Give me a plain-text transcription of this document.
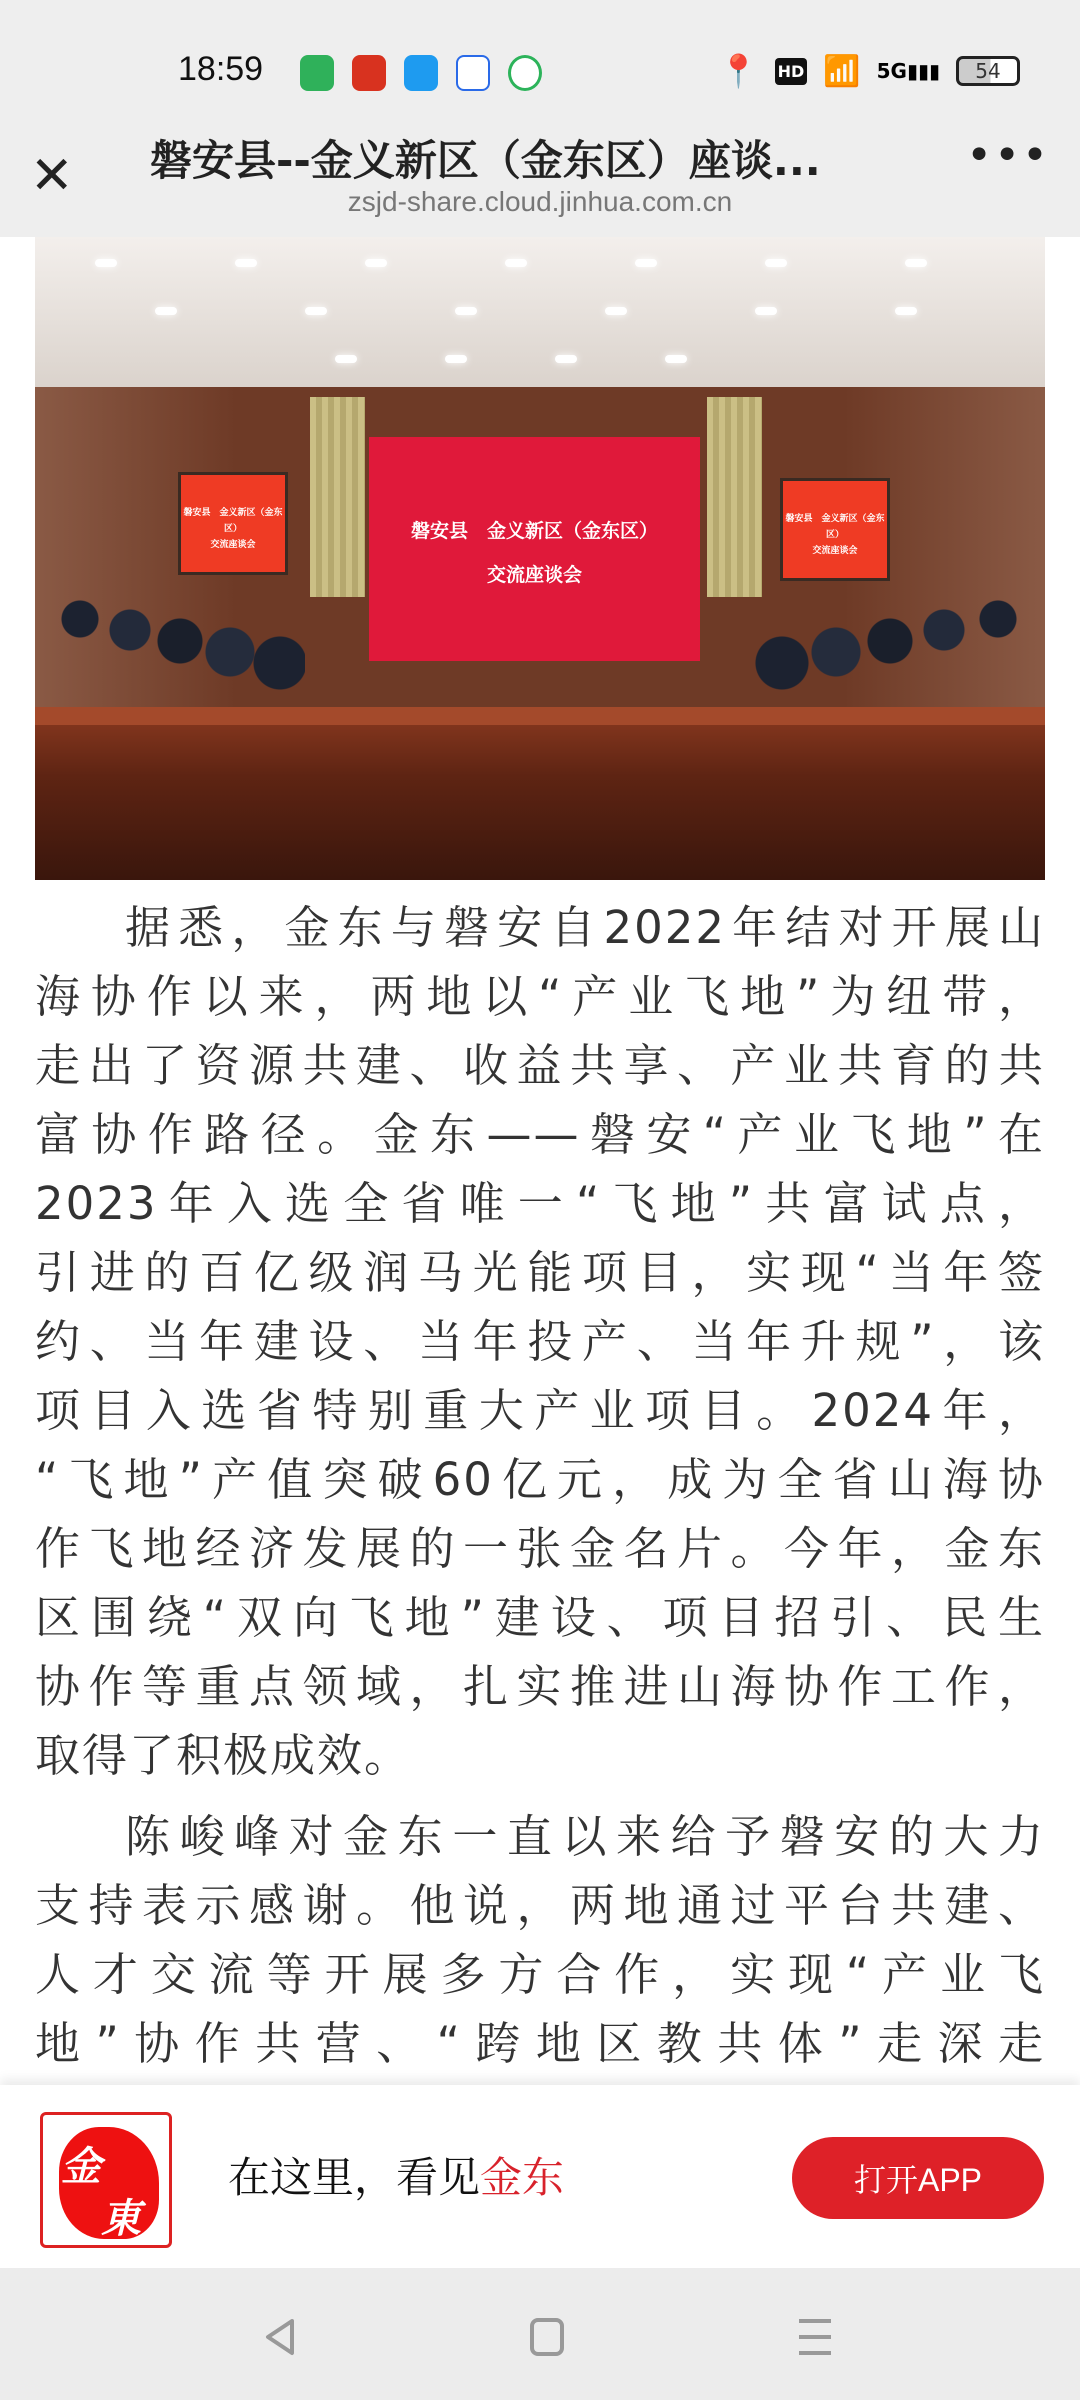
18:59	📍 HD 📶 5G▮▮▮ 54
✕ 磐安县--金义新区（金东区）座谈...
zsjd-share.cloud.jinhua.com.cn
•••
磐安县　金义新区（金东区）
交流座谈会
磐安县　金义新区（金东区）
交流座谈会
磐安县　金义新区（金东区）
交流座谈会
据悉，金东与磐安自2022年结对开展山
海协作以来，两地以“产业飞地”为纽带，
走出了资源共建、收益共享、产业共育的共
富协作路径。金东——磐安“产业飞地”在
2023年入选全省唯一“飞地”共富试点，
引进的百亿级润马光能项目，实现“当年签
约、当年建设、当年投产、当年升规”，该
项目入选省特别重大产业项目。2024年，
“飞地”产值突破60亿元，成为全省山海协
作飞地经济发展的一张金名片。今年，金东
区围绕“双向飞地”建设、项目招引、民生
协作等重点领域，扎实推进山海协作工作，
取得了积极成效。
陈峻峰对金东一直以来给予磐安的大力
支持表示感谢。他说，两地通过平台共建、
人才交流等开展多方合作，实现“产业飞
地”协作共营、“跨地区教共体”走深走
金
東
在这里，看见金东	打开APP
